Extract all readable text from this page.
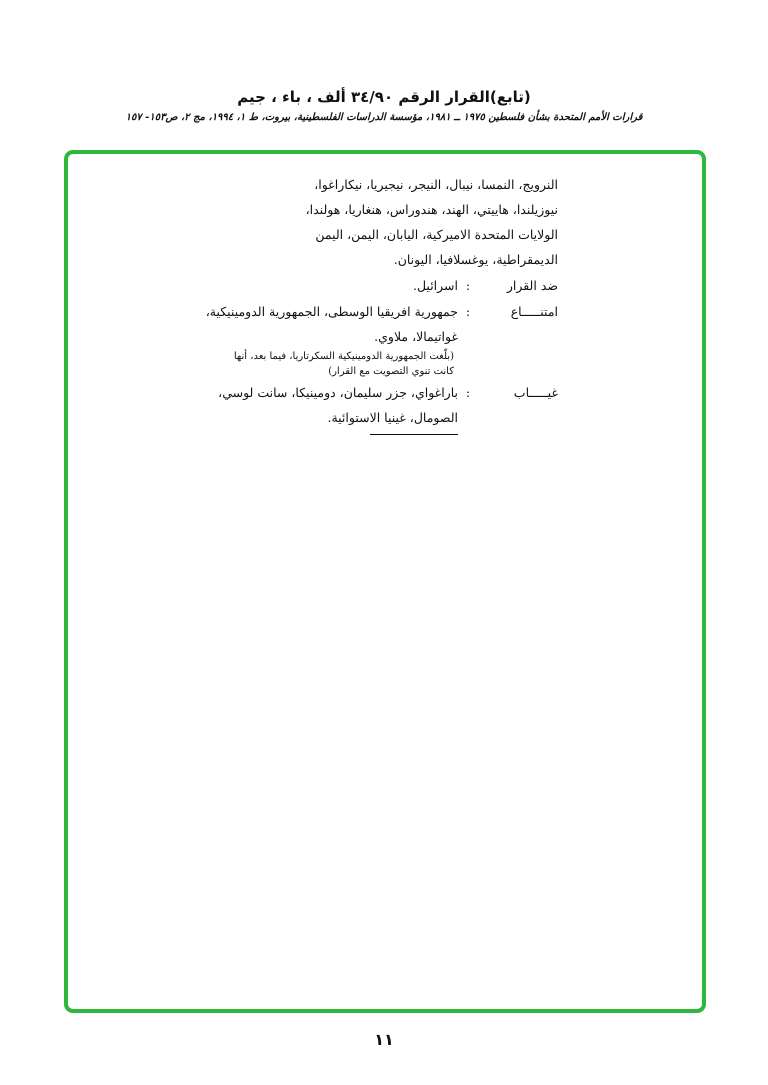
(تابع)القرار الرقم ٣٤/٩٠ ألف ، باء ، جيم
قرارات الأمم المتحدة بشأن فلسطين ١٩٧٥ ــ ١٩٨١، مؤسسة الدراسات الفلسطينية، بيروت، ط ١، ١٩٩٤، مج ٢، ص١٥٣- ١٥٧
النرويج، النمسا، نيبال، النيجر، نيجيريا، نيكاراغوا،
نيوزيلندا، هاييتي، الهند، هندوراس، هنغاريا، هولندا،
الولايات المتحدة الاميركية، اليابان، اليمن، اليمن
الديمقراطية، يوغسلافيا، اليونان.
ضد القرار
:
اسرائيل.
امتنـــــاع
:
جمهورية افريقيا الوسطى، الجمهورية الدومينيكية،
غواتيمالا، ملاوي.
(بلّغت الجمهورية الدومينيكية السكرتاريا، فيما بعد، أنها
كانت تنوي التصويت مع القرار)
غيـــــاب
:
باراغواي، جزر سليمان، دومينيكا، سانت لوسي،
الصومال، غينيا الاستوائية.
١١
